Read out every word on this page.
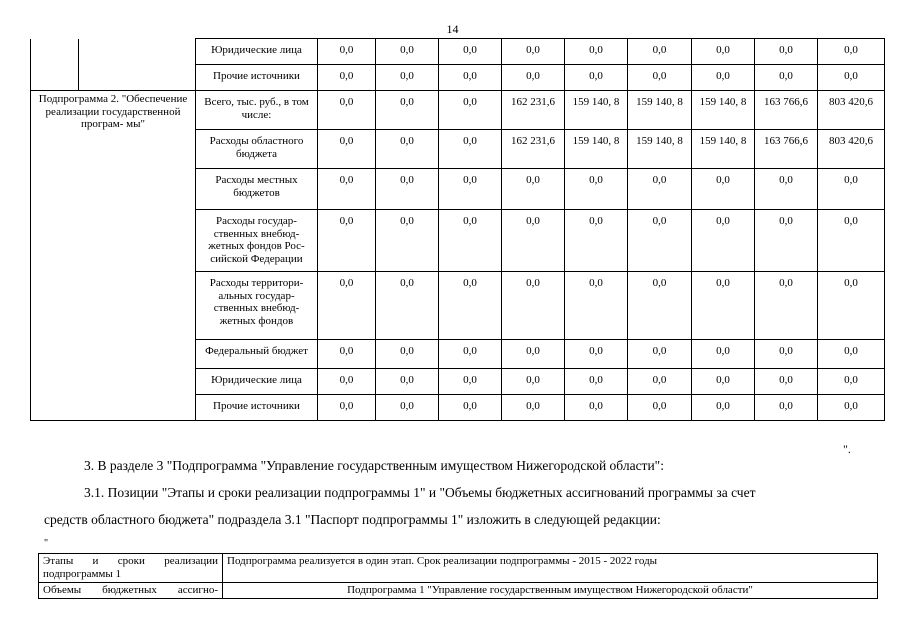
14
		Юридические лица	0,0	0,0	0,0	0,0	0,0	0,0	0,0	0,0	0,0
		Прочие источники	0,0	0,0	0,0	0,0	0,0	0,0	0,0	0,0	0,0
Подпрограмма 2. "Обеспечение реализации государственной програм- мы"		Всего, тыс. руб., в том числе:	0,0	0,0	0,0	162 231,6	159 140, 8	159 140, 8	159 140, 8	163 766,6	803 420,6
		Расходы областного бюджета	0,0	0,0	0,0	162 231,6	159 140, 8	159 140, 8	159 140, 8	163 766,6	803 420,6
		Расходы местных бюджетов	0,0	0,0	0,0	0,0	0,0	0,0	0,0	0,0	0,0
		Расходы государ- ственных внебюд- жетных фондов Рос- сийской Федерации	0,0	0,0	0,0	0,0	0,0	0,0	0,0	0,0	0,0
		Расходы территори- альных государ- ственных внебюд- жетных фондов	0,0	0,0	0,0	0,0	0,0	0,0	0,0	0,0	0,0
		Федеральный бюджет	0,0	0,0	0,0	0,0	0,0	0,0	0,0	0,0	0,0
		Юридические лица	0,0	0,0	0,0	0,0	0,0	0,0	0,0	0,0	0,0
		Прочие источники	0,0	0,0	0,0	0,0	0,0	0,0	0,0	0,0	0,0
".
3. В разделе 3 "Подпрограмма "Управление государственным имуществом Нижегородской области":
3.1. Позиции "Этапы и сроки реализации подпрограммы 1" и "Объемы бюджетных ассигнований программы за счет
средств областного бюджета" подраздела 3.1 "Паспорт подпрограммы 1" изложить в следующей редакции:
"
Этапы и сроки реализации
подпрограммы 1	Подпрограмма реализуется в один этап. Срок реализации подпрограммы - 2015 - 2022 годы
Объемы бюджетных ассигно-	Подпрограмма 1 "Управление государственным имуществом Нижегородской области"
